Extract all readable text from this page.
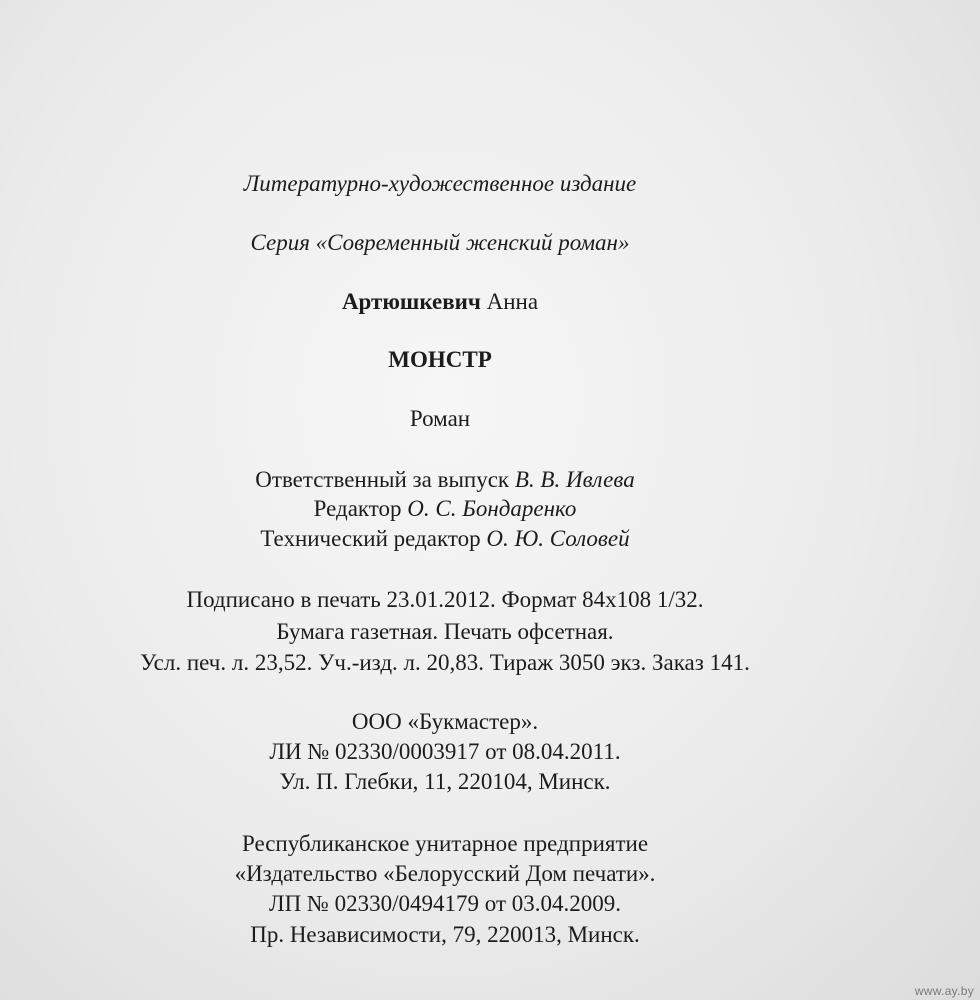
Литературно-художественное издание
Серия «Современный женский роман»
Артюшкевич Анна
МОНСТР
Роман
Ответственный за выпуск В. В. Ивлева
Редактор О. С. Бондаренко
Технический редактор О. Ю. Соловей
Подписано в печать 23.01.2012. Формат 84x108 1/32.
Бумага газетная. Печать офсетная.
Усл. печ. л. 23,52. Уч.-изд. л. 20,83. Тираж 3050 экз. Заказ 141.
ООО «Букмастер».
ЛИ № 02330/0003917 от 08.04.2011.
Ул. П. Глебки, 11, 220104, Минск.
Республиканское унитарное предприятие
«Издательство «Белорусский Дом печати».
ЛП № 02330/0494179 от 03.04.2009.
Пр. Независимости, 79, 220013, Минск.
www.ay.by
